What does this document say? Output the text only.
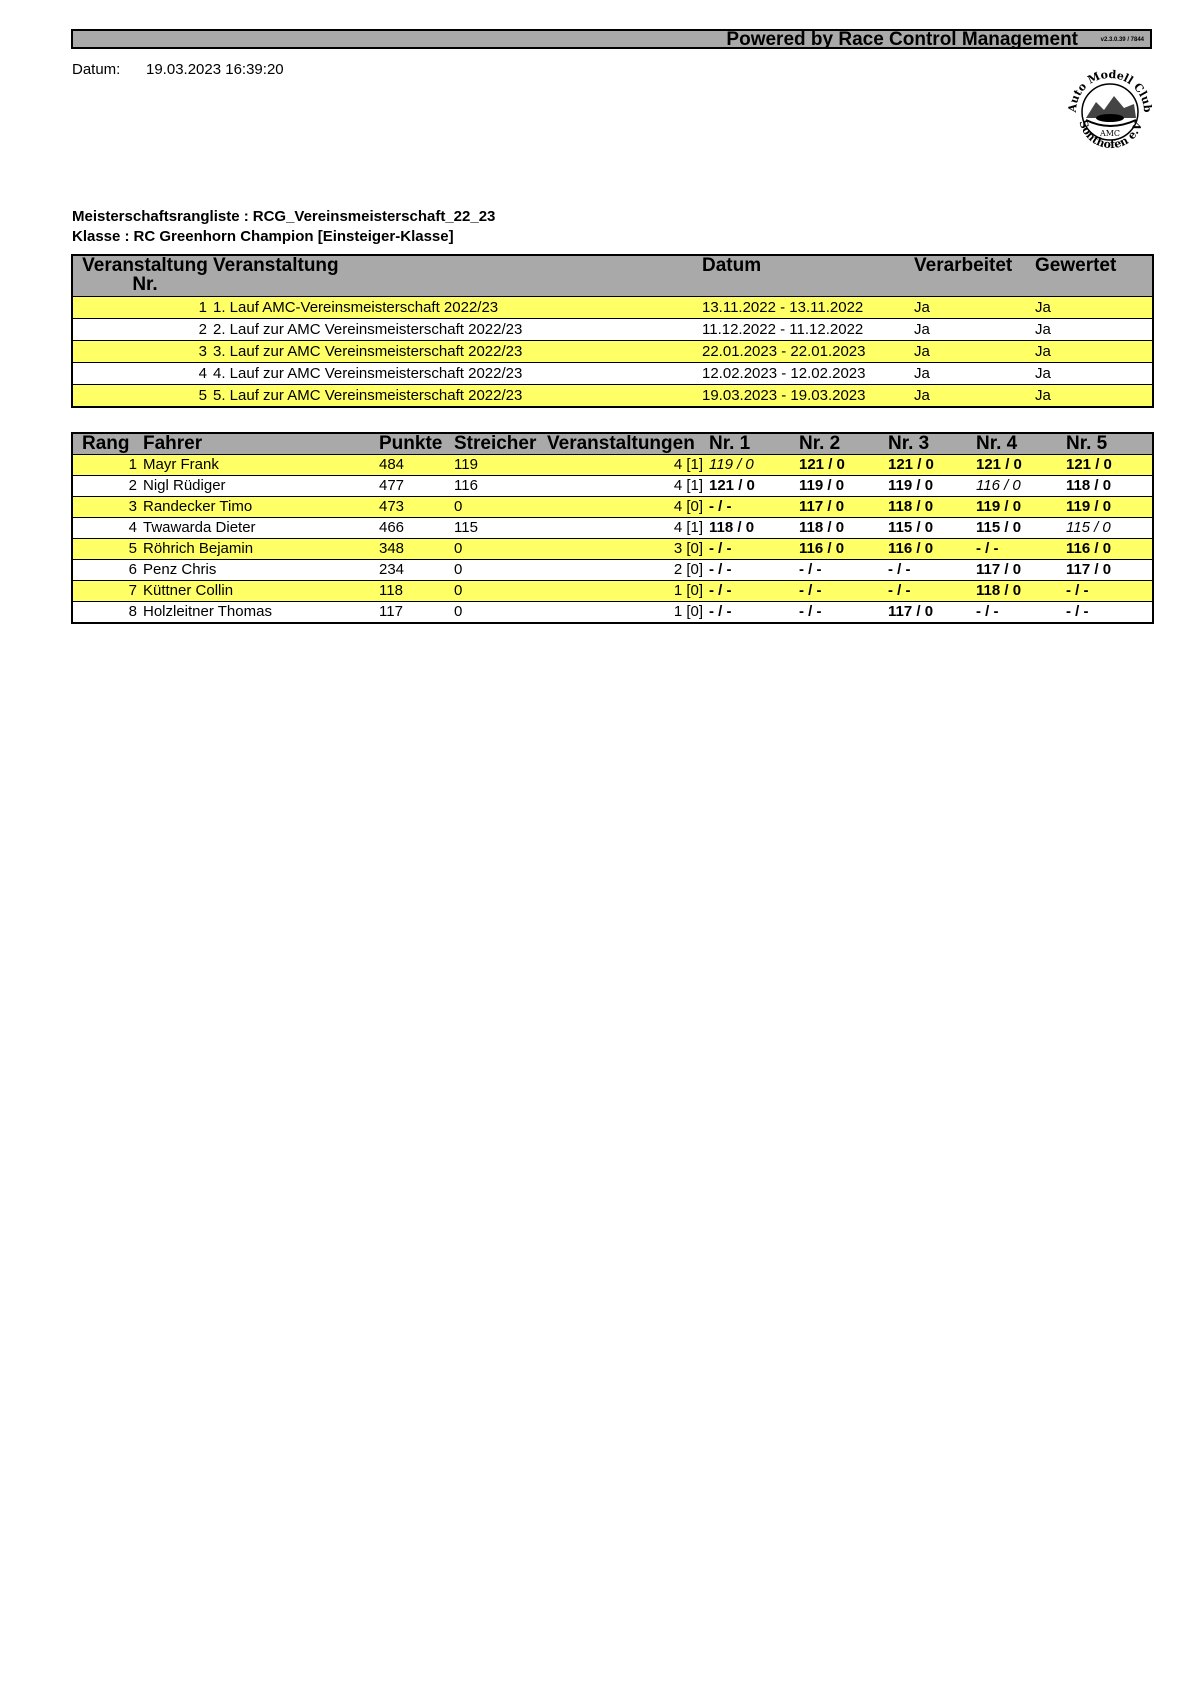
Powered by Race Control Management	v2.3.0.39 / 7844
Datum: 19.03.2023 16:39:20
Auto Modell Club
AMC
Sonthofen e.V
Meisterschaftsrangliste : RCG_Vereinsmeisterschaft_22_23
Klasse : RC Greenhorn Champion [Einsteiger-Klasse]
Veranstaltung
Nr.	Veranstaltung	Datum	Verarbeitet	Gewertet
1	1. Lauf AMC-Vereinsmeisterschaft 2022/23	13.11.2022 - 13.11.2022	Ja	Ja
2	2. Lauf zur AMC Vereinsmeisterschaft 2022/23	11.12.2022 - 11.12.2022	Ja	Ja
3	3. Lauf zur AMC Vereinsmeisterschaft 2022/23	22.01.2023 - 22.01.2023	Ja	Ja
4	4. Lauf zur AMC Vereinsmeisterschaft 2022/23	12.02.2023 - 12.02.2023	Ja	Ja
5	5. Lauf zur AMC Vereinsmeisterschaft 2022/23	19.03.2023 - 19.03.2023	Ja	Ja
Rang	Fahrer	Punkte	Streicher	Veranstaltungen	Nr. 1	Nr. 2	Nr. 3	Nr. 4	Nr. 5
1	Mayr Frank	484	119	4 [1]	119 / 0	121 / 0	121 / 0	121 / 0	121 / 0
2	Nigl Rüdiger	477	116	4 [1]	121 / 0	119 / 0	119 / 0	116 / 0	118 / 0
3	Randecker Timo	473	0	4 [0]	- / -	117 / 0	118 / 0	119 / 0	119 / 0
4	Twawarda Dieter	466	115	4 [1]	118 / 0	118 / 0	115 / 0	115 / 0	115 / 0
5	Röhrich Bejamin	348	0	3 [0]	- / -	116 / 0	116 / 0	- / -	116 / 0
6	Penz Chris	234	0	2 [0]	- / -	- / -	- / -	117 / 0	117 / 0
7	Küttner Collin	118	0	1 [0]	- / -	- / -	- / -	118 / 0	- / -
8	Holzleitner Thomas	117	0	1 [0]	- / -	- / -	117 / 0	- / -	- / -
